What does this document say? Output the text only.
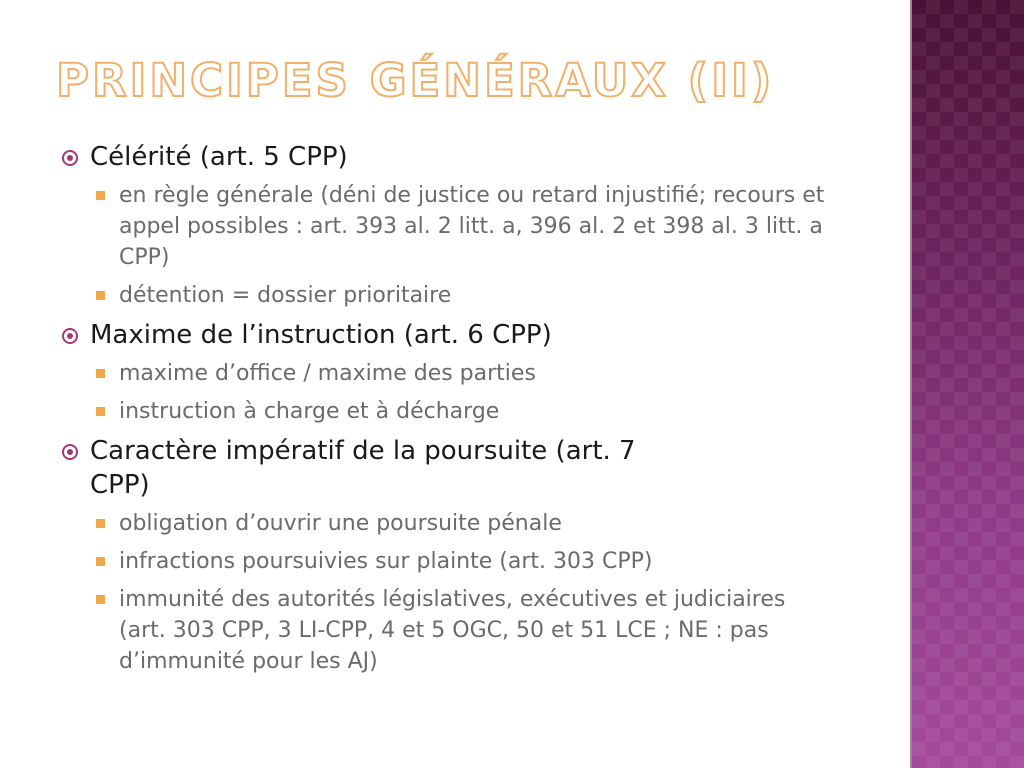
PRINCIPES GÉNÉRAUX (II)
Célérité (art. 5 CPP)
en règle générale (déni de justice ou retard injustifié; recours et appel possibles : art. 393 al. 2 litt. a, 396 al. 2 et 398 al. 3 litt. a CPP)
détention = dossier prioritaire
Maxime de l’instruction (art. 6 CPP)
maxime d’office / maxime des parties
instruction à charge et à décharge
Caractère impératif de la poursuite (art. 7 CPP)
obligation d’ouvrir une poursuite pénale
infractions poursuivies sur plainte (art. 303 CPP)
immunité des autorités législatives, exécutives et judiciaires (art. 303 CPP, 3 LI-CPP, 4 et 5 OGC, 50 et 51 LCE ; NE : pas d’immunité pour les AJ)
